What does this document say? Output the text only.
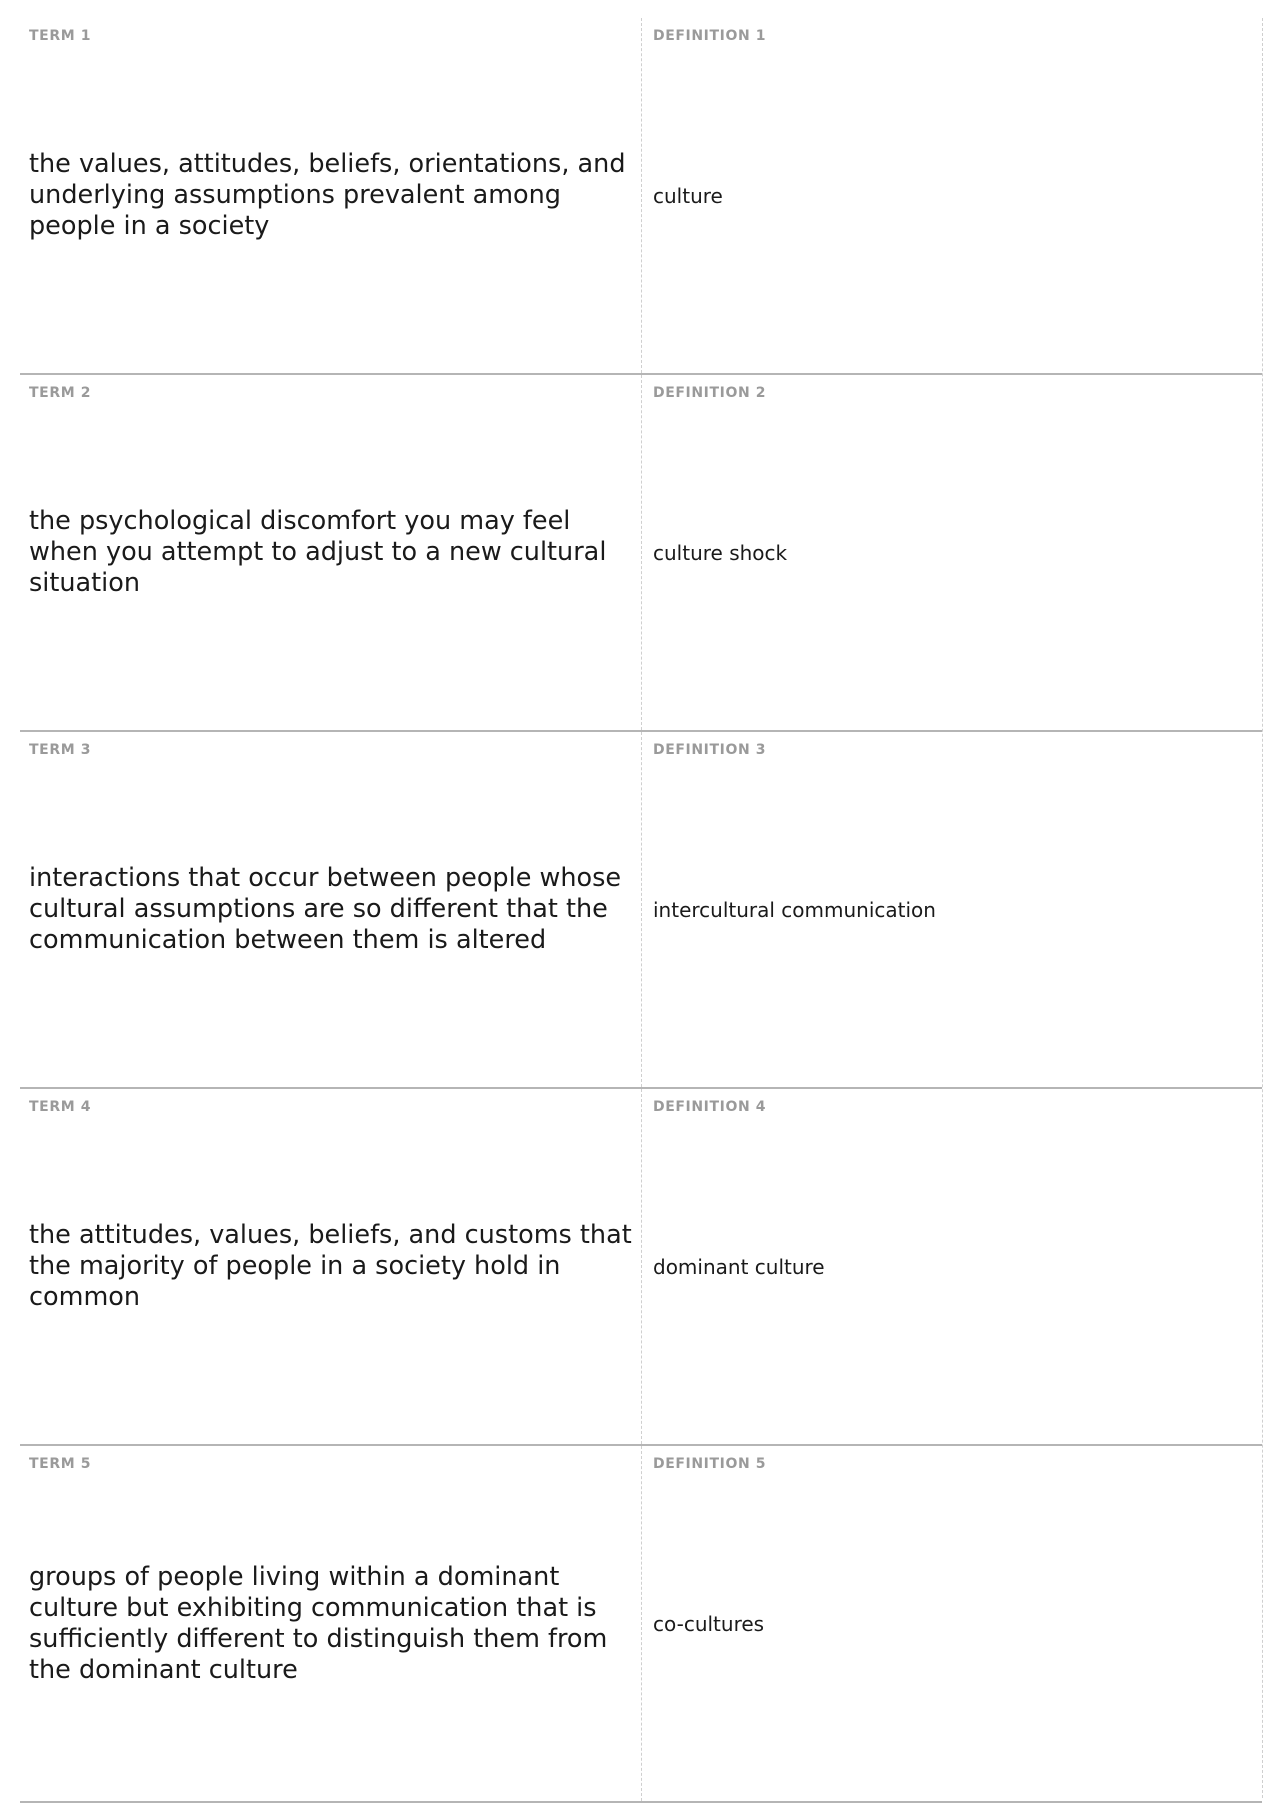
TERM 1
the values, attitudes, beliefs, orientations, and underlying assumptions prevalent among people in a society
DEFINITION 1
culture
TERM 2
the psychological discomfort you may feel when you attempt to adjust to a new cultural situation
DEFINITION 2
culture shock
TERM 3
interactions that occur between people whose cultural assumptions are so different that the communication between them is altered
DEFINITION 3
intercultural communication
TERM 4
the attitudes, values, beliefs, and customs that the majority of people in a society hold in common
DEFINITION 4
dominant culture
TERM 5
groups of people living within a dominant culture but exhibiting communication that is sufficiently different to distinguish them from the dominant culture
DEFINITION 5
co-cultures
